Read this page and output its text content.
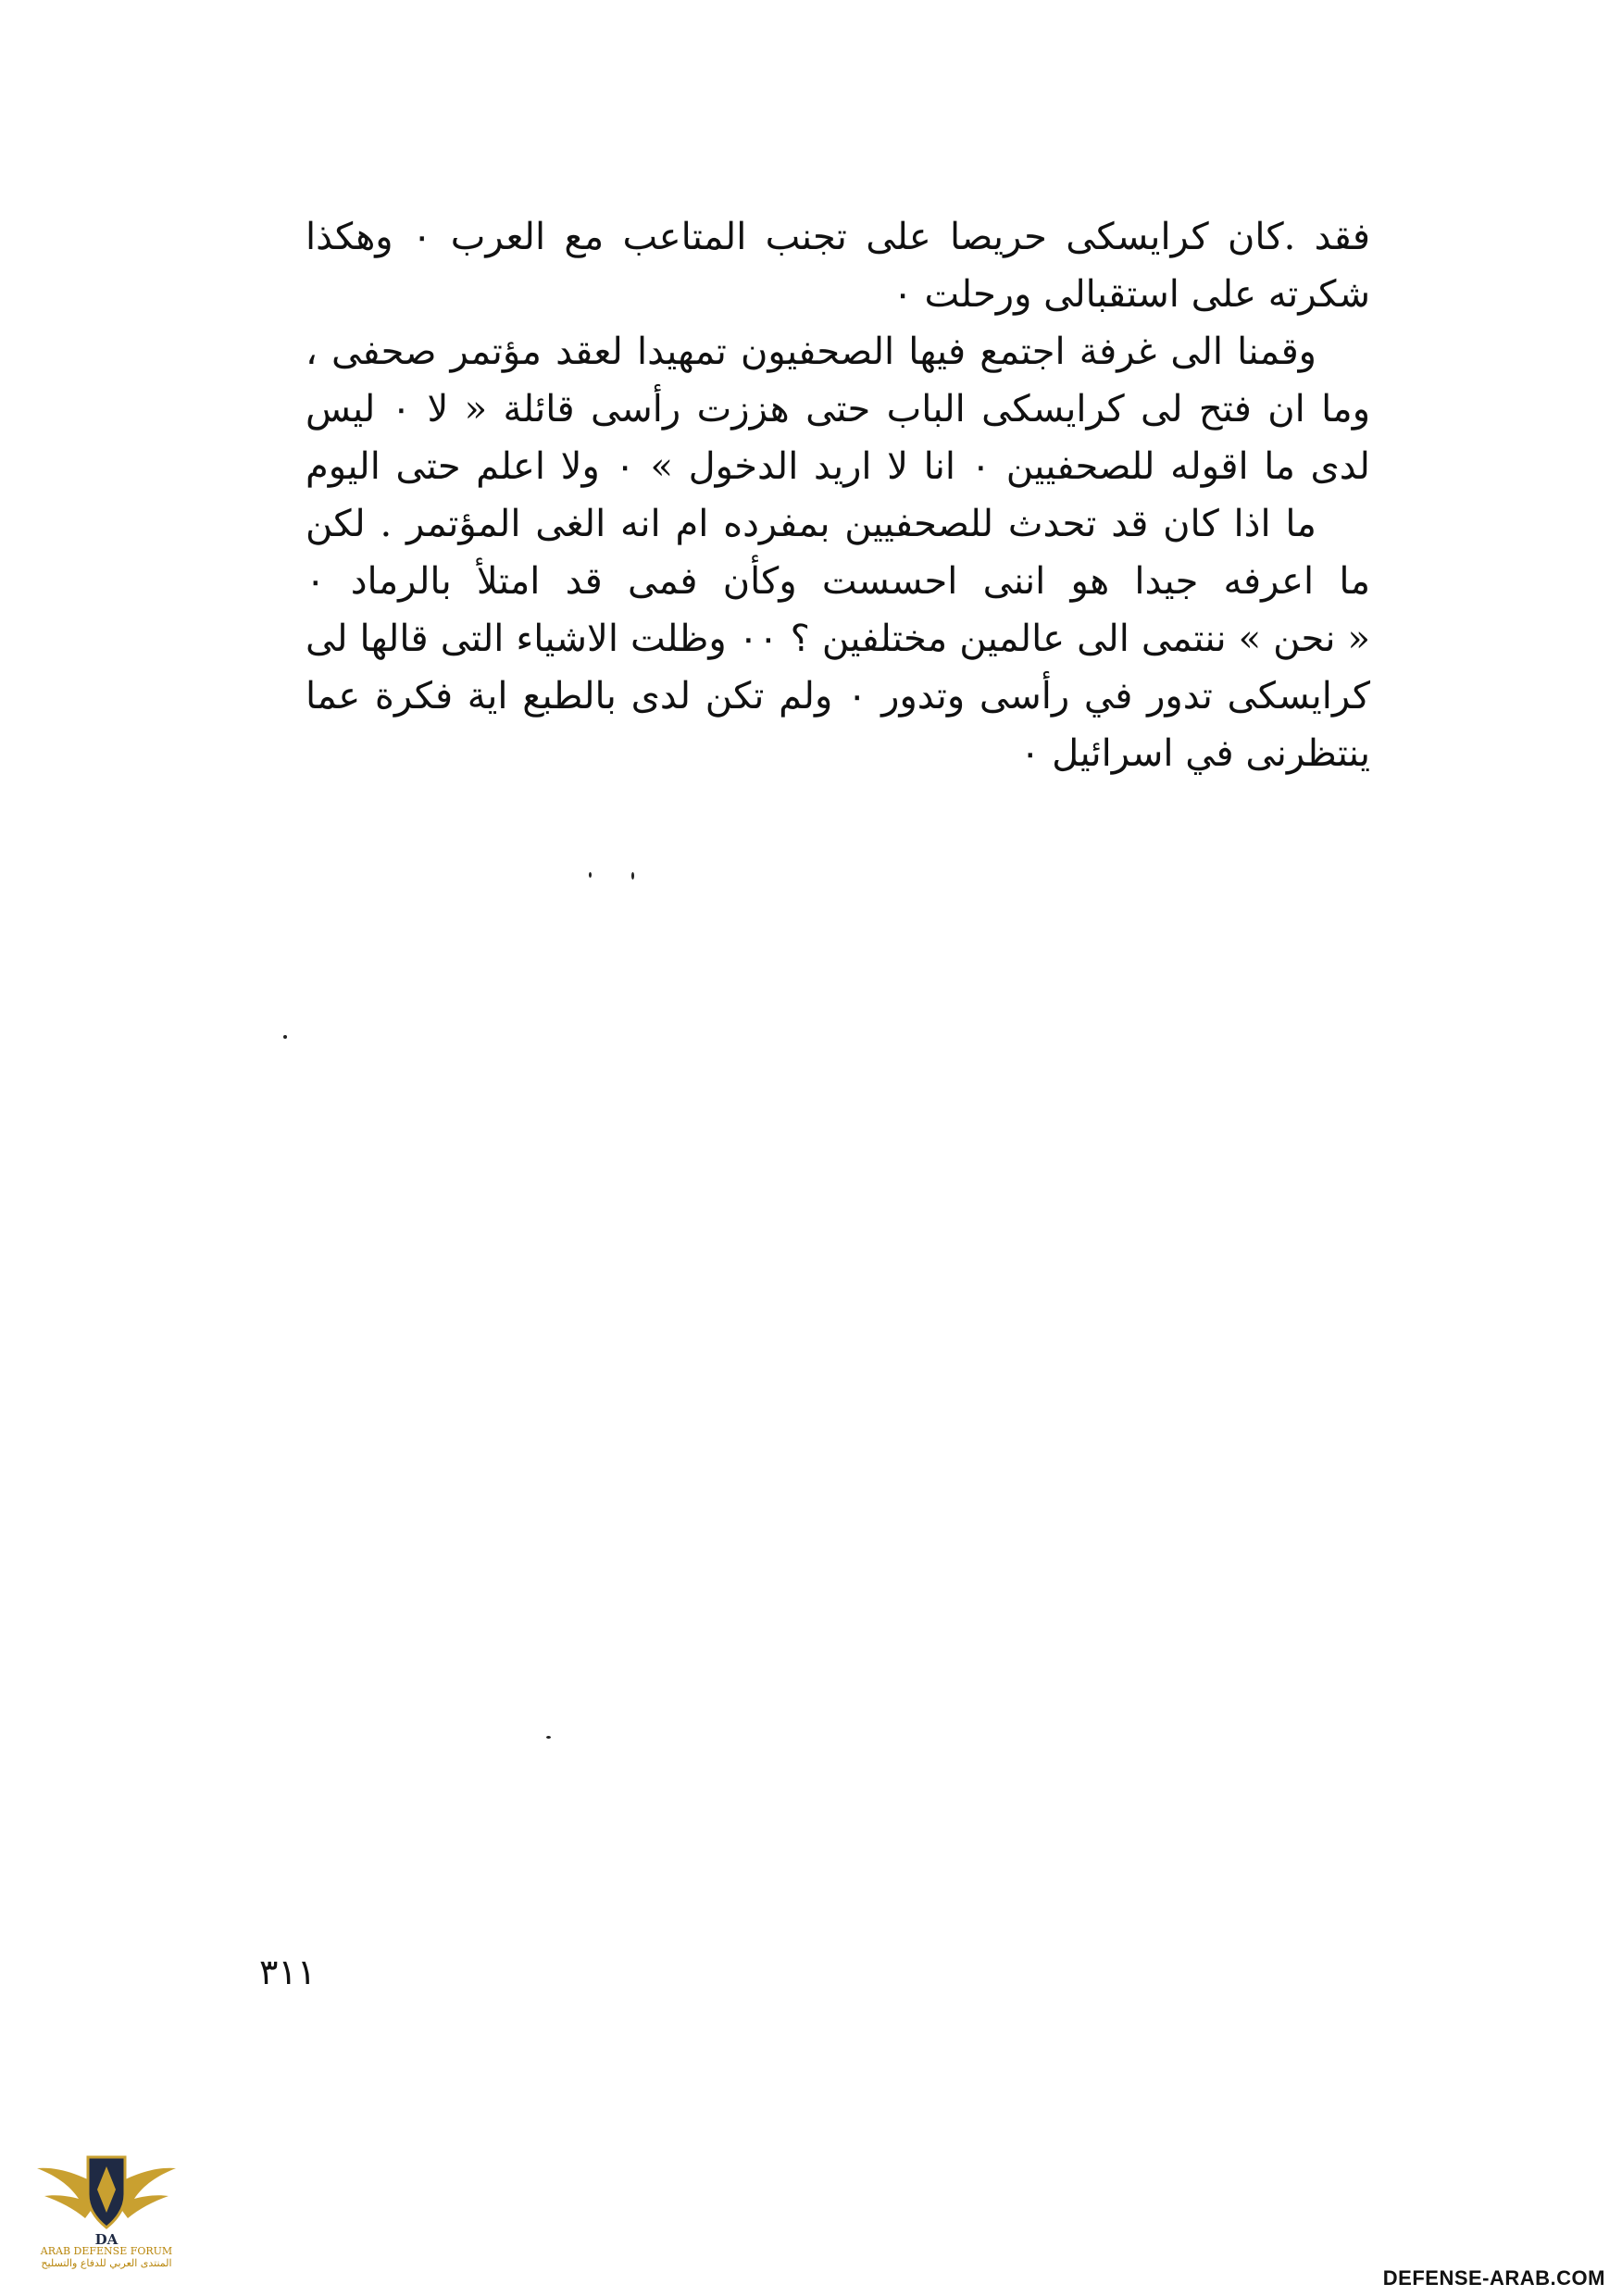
فقد .كان كرايسكى حريصا على تجنب المتاعب مع العرب ٠ وهكذا
شكرته على استقبالى ورحلت ٠
وقمنا الى غرفة اجتمع فيها الصحفيون تمهيدا لعقد مؤتمر صحفى ،
وما ان فتح لى كرايسكى الباب حتى هززت رأسى قائلة « لا ٠ ليس
لدى ما اقوله للصحفيين ٠ انا لا اريد الدخول » ٠ ولا اعلم حتى اليوم
ما اذا كان قد تحدث للصحفيين بمفرده ام انه الغى المؤتمر . لكن
ما اعرفه جيدا هو اننى احسست وكأن فمى قد امتلأ بالرماد ٠
« نحن » ننتمى الى عالمين مختلفين ؟ ٠٠ وظلت الاشياء التى قالها لى
كرايسكى تدور في رأسى وتدور ٠ ولم تكن لدى بالطبع اية فكرة عما
ينتظرنى في اسرائيل ٠
٣١١
DA
ARAB DEFENSE FORUM
المنتدى العربي للدفاع والتسليح
DEFENSE-ARAB.COM
